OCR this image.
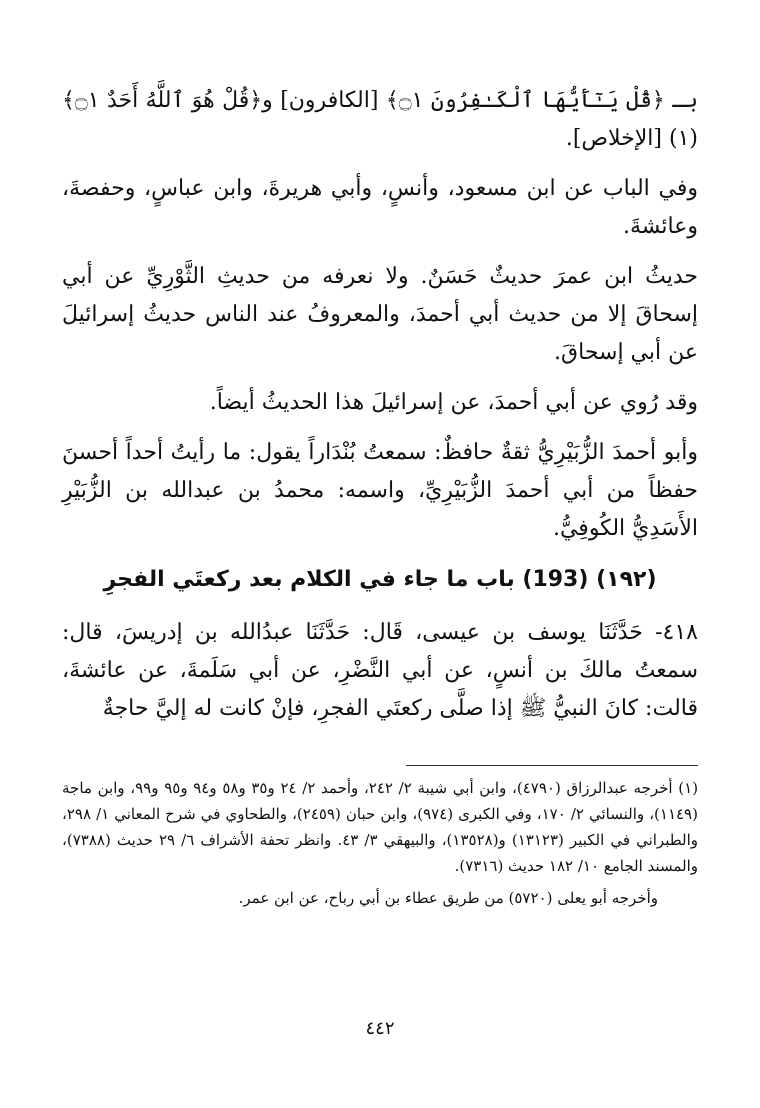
بـ ﴿قُلْ يَـٰٓأَيُّهَا ٱلْكَـٰفِرُونَ ۝١﴾ [الكافرون] و﴿قُلْ هُوَ ٱللَّهُ أَحَدٌ ۝١﴾(١) [الإخلاص].

وفي الباب عن ابن مسعود، وأنسٍ، وأبي هريرةَ، وابن عباسٍ، وحفصةَ، وعائشةَ.

حديثُ ابن عمرَ حديثٌ حَسَنٌ. ولا نعرفه من حديثِ الثَّوْرِيِّ عن أبي إسحاقَ إلا من حديث أبي أحمدَ، والمعروفُ عند الناس حديثُ إسرائيلَ عن أبي إسحاقَ.

وقد رُوي عن أبي أحمدَ، عن إسرائيلَ هذا الحديثُ أيضاً.

وأبو أحمدَ الزُّبَيْرِيُّ ثقةٌ حافظٌ: سمعتُ بُنْدَاراً يقول: ما رأيتُ أحداً أحسنَ حفظاً من أبي أحمدَ الزُّبَيْرِيِّ، واسمه: محمدُ بن عبدالله بن الزُّبَيْرِ الأَسَدِيُّ الكُوفِيُّ.

(١٩٢) (193) باب ما جاء في الكلام بعد ركعتَي الفجرِ

٤١٨- حَدَّثَنَا يوسف بن عيسى، قَال: حَدَّثَنَا عبدُالله بن إدريسَ، قال: سمعتُ مالكَ بن أنسٍ، عن أبي النَّضْرِ، عن أبي سَلَمةَ، عن عائشةَ، قالت: كانَ النبيُّ ﷺ إذا صلَّى ركعتَي الفجرِ، فإنْ كانت له إليَّ حاجةٌ

(١) أخرجه عبدالرزاق (٤٧٩٠)، وابن أبي شيبة ٢/ ٢٤٢، وأحمد ٢/ ٢٤ و٣٥ و٥٨ و٩٤ و٩٥ و٩٩، وابن ماجة (١١٤٩)، والنسائي ٢/ ١٧٠، وفي الكبرى (٩٧٤)، وابن حبان (٢٤٥٩)، والطحاوي في شرح المعاني ١/ ٢٩٨، والطبراني في الكبير (١٣١٢٣) و(١٣٥٢٨)، والبيهقي ٣/ ٤٣. وانظر تحفة الأشراف ٦/ ٢٩ حديث (٧٣٨٨)، والمسند الجامع ١٠/ ١٨٢ حديث (٧٣١٦).

وأخرجه أبو يعلى (٥٧٢٠) من طريق عطاء بن أبي رباح، عن ابن عمر.

٤٤٢
